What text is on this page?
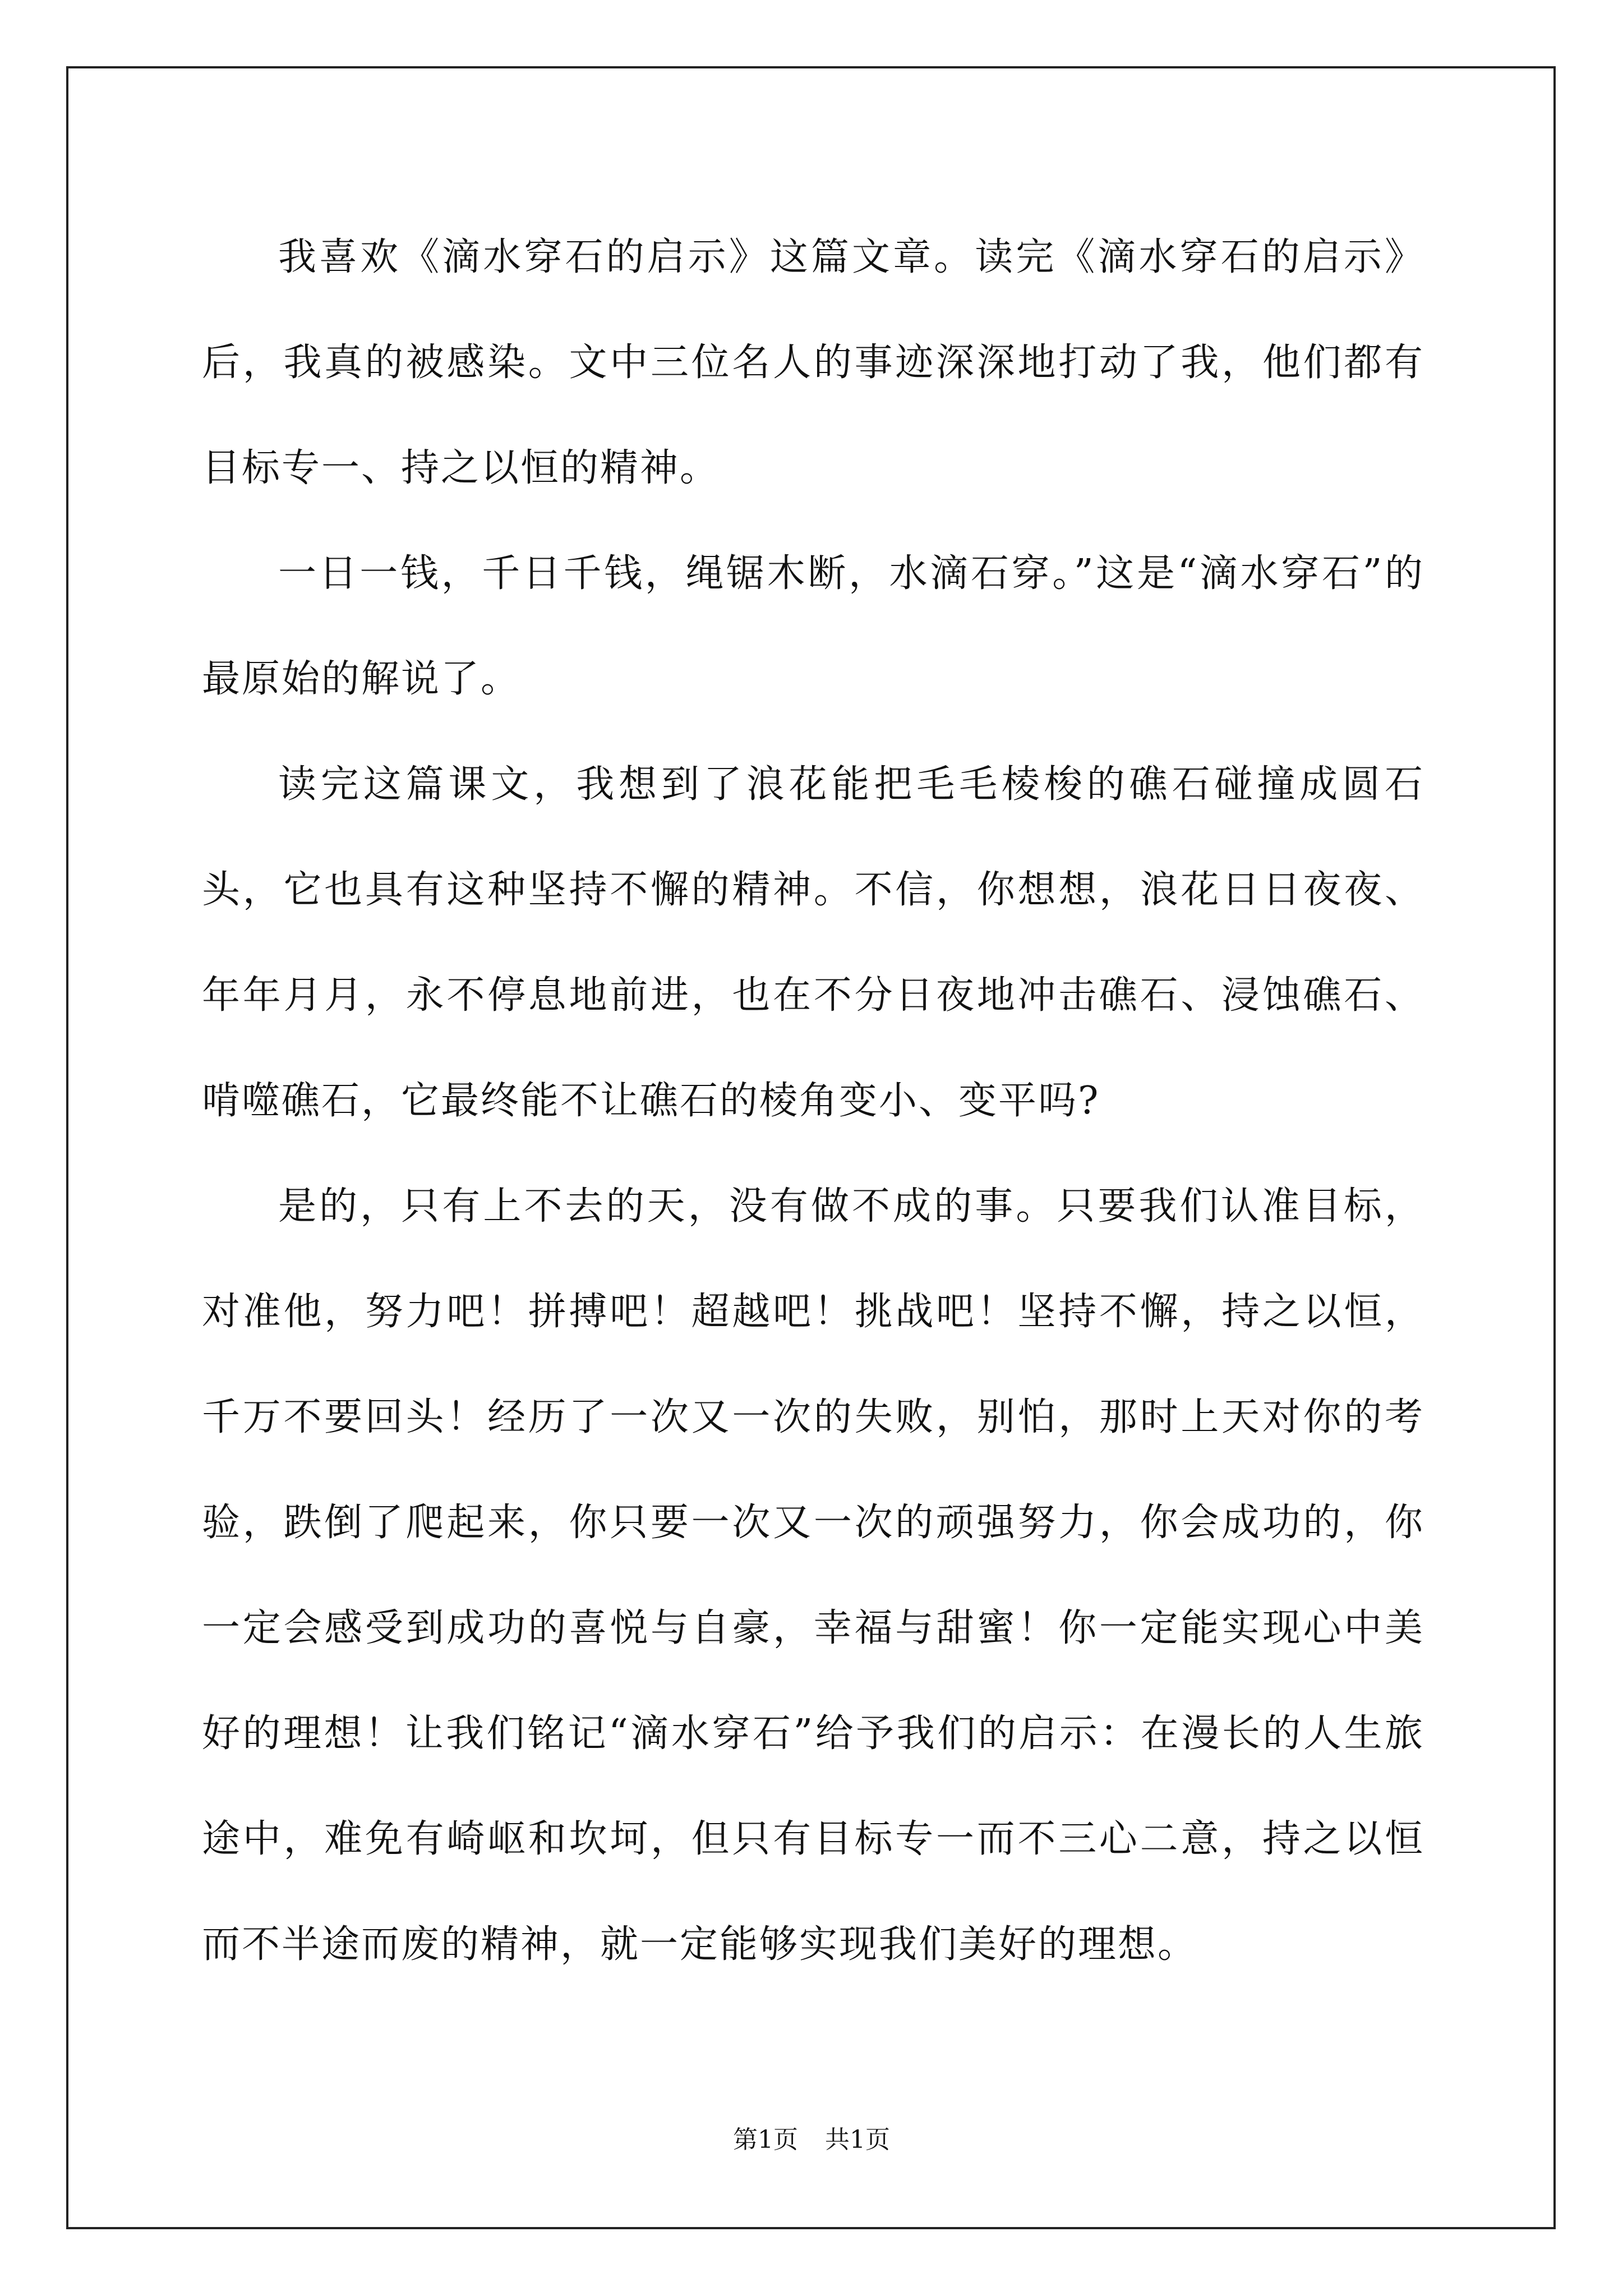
我喜欢《滴水穿石的启示》这篇文章。读完《滴水穿石的启示》后，我真的被感染。文中三位名人的事迹深深地打动了我，他们都有目标专一、持之以恒的精神。

一日一钱，千日千钱，绳锯木断，水滴石穿。”这是“滴水穿石”的最原始的解说了。

读完这篇课文，我想到了浪花能把毛毛棱梭的礁石碰撞成圆石头，它也具有这种坚持不懈的精神。不信，你想想，浪花日日夜夜、年年月月，永不停息地前进，也在不分日夜地冲击礁石、浸蚀礁石、啃噬礁石，它最终能不让礁石的棱角变小、变平吗?

是的，只有上不去的天，没有做不成的事。只要我们认准目标，对准他，努力吧！拼搏吧！超越吧！挑战吧！坚持不懈，持之以恒，千万不要回头！经历了一次又一次的失败，别怕，那时上天对你的考验，跌倒了爬起来，你只要一次又一次的顽强努力，你会成功的，你一定会感受到成功的喜悦与自豪，幸福与甜蜜！你一定能实现心中美好的理想！让我们铭记“滴水穿石”给予我们的启示：在漫长的人生旅途中，难免有崎岖和坎坷，但只有目标专一而不三心二意，持之以恒而不半途而废的精神，就一定能够实现我们美好的理想。

第1页 共1页
